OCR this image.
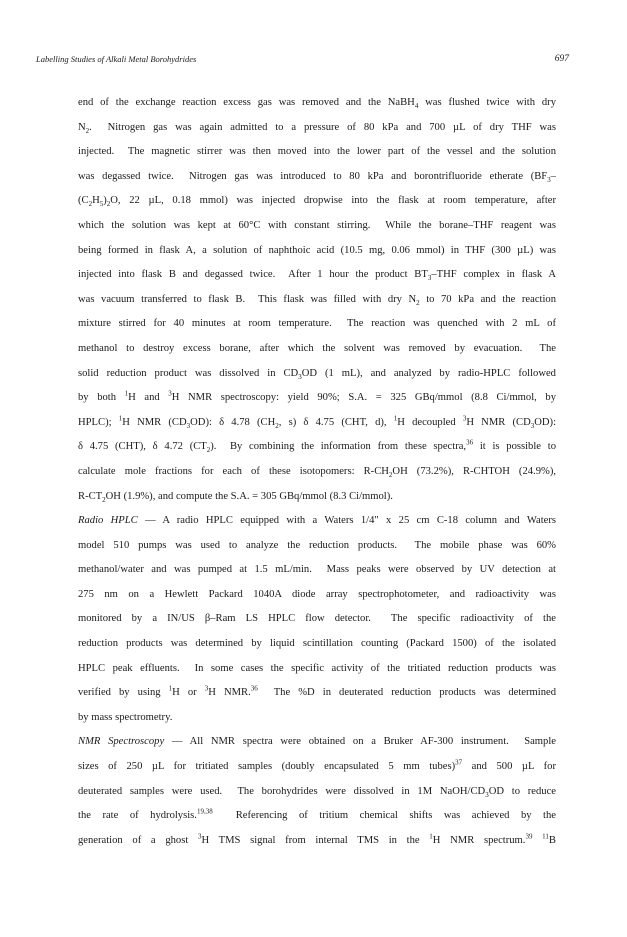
Labelling Studies of Alkali Metal Borohydrides	697
end of the exchange reaction excess gas was removed and the NaBH$_4$ was flushed twice with dry
$N_2$.  Nitrogen gas was again admitted to a pressure of 80 kPa and 700 µL of dry THF was
injected.  The magnetic stirrer was then moved into the lower part of the vessel and the solution
was degassed twice.  Nitrogen gas was introduced to 80 kPa and borontrifluoride etherate ($BF_3-$
$(C_2H_5)_2O$, 22 µL, 0.18 mmol) was injected dropwise into the flask at room temperature, after
which the solution was kept at 60°C with constant stirring.  While the borane–THF reagent was
being formed in flask A, a solution of naphthoic acid (10.5 mg, 0.06 mmol) in THF (300 µL) was
injected into flask B and degassed twice.  After 1 hour the product $BT_3$–THF complex in flask A
was vacuum transferred to flask B.  This flask was filled with dry $N_2$ to 70 kPa and the reaction
mixture stirred for 40 minutes at room temperature.  The reaction was quenched with 2 mL of
methanol to destroy excess borane, after which the solvent was removed by evacuation.  The
solid reduction product was dissolved in $CD_3OD$ (1 mL), and analyzed by radio-HPLC followed
by both $^1$H and $^3$H NMR spectroscopy: yield 90%; S.A. = 325 GBq/mmol (8.8 Ci/mmol, by
HPLC); $^1$H NMR $(CD_3OD)$: δ 4.78 ($CH_2$, s) δ 4.75 (CHT, d), $^1$H decoupled $^3$H NMR $(CD_3OD)$:
δ 4.75 (CHT), δ 4.72 $(CT_2)$.  By combining the information from these spectra,$^{36}$ it is possible to
calculate mole fractions for each of these isotopomers: $R-CH_2OH$ (73.2%), R-CHTOH (24.9%),
$R-CT_2OH$ (1.9%), and compute the S.A. = 305 GBq/mmol (8.3 Ci/mmol).
Radio HPLC — A radio HPLC equipped with a Waters 1/4" x 25 cm C-18 column and Waters
model 510 pumps was used to analyze the reduction products.  The mobile phase was 60%
methanol/water and was pumped at 1.5 mL/min.  Mass peaks were observed by UV detection at
275 nm on a Hewlett Packard 1040A diode array spectrophotometer, and radioactivity was
monitored by a IN/US β–Ram LS HPLC flow detector.  The specific radioactivity of the
reduction products was determined by liquid scintillation counting (Packard 1500) of the isolated
HPLC peak effluents.  In some cases the specific activity of the tritiated reduction products was
verified by using $^1$H or $^3$H NMR.$^{36}$  The %D in deuterated reduction products was determined
by mass spectrometry.
NMR Spectroscopy — All NMR spectra were obtained on a Bruker AF-300 instrument.  Sample
sizes of 250 µL for tritiated samples (doubly encapsulated 5 mm tubes)$^{37}$ and 500 µL for
deuterated samples were used.  The borohydrides were dissolved in 1M NaOH/$CD_3OD$ to reduce
the rate of hydrolysis.$^{19,38}$  Referencing of tritium chemical shifts was achieved by the
generation of a ghost $^3$H TMS signal from internal TMS in the $^1$H NMR spectrum.$^{39}$ $^{11}$B
